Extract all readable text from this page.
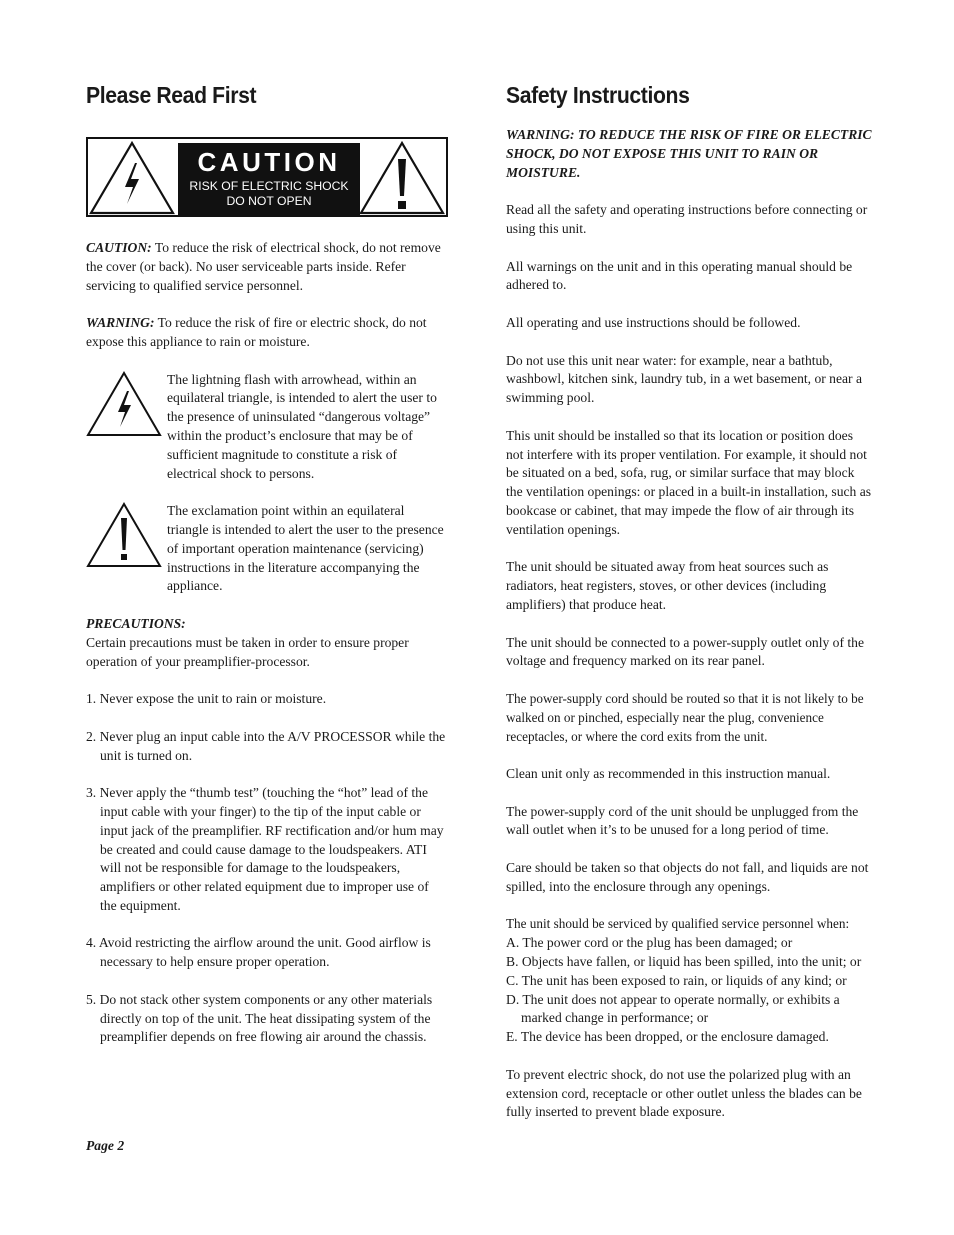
Please Read First
CAUTION
RISK OF ELECTRIC SHOCK
DO NOT OPEN

CAUTION: To reduce the risk of electrical shock, do not remove the cover (or back). No user serviceable parts inside. Refer servicing to qualified service personnel.

WARNING: To reduce the risk of fire or electric shock, do not expose this appliance to rain or moisture.

The lightning flash with arrowhead, within an equilateral triangle, is intended to alert the user to the presence of uninsulated “dangerous voltage” within the product’s enclosure that may be of sufficient magnitude to constitute a risk of electrical shock to persons.

The exclamation point within an equilateral triangle is intended to alert the user to the presence of important operation maintenance (servicing) instructions in the literature accompanying the appliance.

PRECAUTIONS:

Certain precautions must be taken in order to ensure proper operation of your preamplifier-processor.

1. Never expose the unit to rain or moisture.
2. Never plug an input cable into the A/V PROCESSOR while the unit is turned on.
3. Never apply the “thumb test” (touching the “hot” lead of the input cable with your finger) to the tip of the input cable or input jack of the preamplifier. RF rectification and/or hum may be created and could cause damage to the loudspeakers. ATI will not be responsible for damage to the loudspeakers, amplifiers or other related equipment due to improper use of the equipment.
4. Avoid restricting the airflow around the unit. Good airflow is necessary to help ensure proper operation.
5. Do not stack other system components or any other materials directly on top of the unit. The heat dissipating system of the preamplifier depends on free flowing air around the chassis.
Page 2
Safety Instructions

WARNING: TO REDUCE THE RISK OF FIRE OR ELECTRIC SHOCK, DO NOT EXPOSE THIS UNIT TO RAIN OR MOISTURE.

Read all the safety and operating instructions before connecting or using this unit.

All warnings on the unit and in this operating manual should be adhered to.

All operating and use instructions should be followed.

Do not use this unit near water: for example, near a bathtub, washbowl, kitchen sink, laundry tub, in a wet basement, or near a swimming pool.

This unit should be installed so that its location or position does not interfere with its proper ventilation. For example, it should not be situated on a bed, sofa, rug, or similar surface that may block the ventilation openings: or placed in a built-in installation, such as bookcase or cabinet, that may impede the flow of air through its ventilation openings.

The unit should be situated away from heat sources such as radiators, heat registers, stoves, or other devices (including amplifiers) that produce heat.

The unit should be connected to a power-supply outlet only of the voltage and frequency marked on its rear panel.

The power-supply cord should be routed so that it is not likely to be walked on or pinched, especially near the plug, convenience receptacles, or where the cord exits from the unit.

Clean unit only as recommended in this instruction manual.

The power-supply cord of the unit should be unplugged from the wall outlet when it’s to be unused for a long period of time.

Care should be taken so that objects do not fall, and liquids are not spilled, into the enclosure through any openings.

The unit should be serviced by qualified service personnel when:

A. The power cord or the plug has been damaged; or
B. Objects have fallen, or liquid has been spilled, into the unit; or
C. The unit has been exposed to rain, or liquids of any kind; or
D. The unit does not appear to operate normally, or exhibits a marked change in performance; or
E. The device has been dropped, or the enclosure damaged.

To prevent electric shock, do not use the polarized plug with an extension cord, receptacle or other outlet unless the blades can be fully inserted to prevent blade exposure.
